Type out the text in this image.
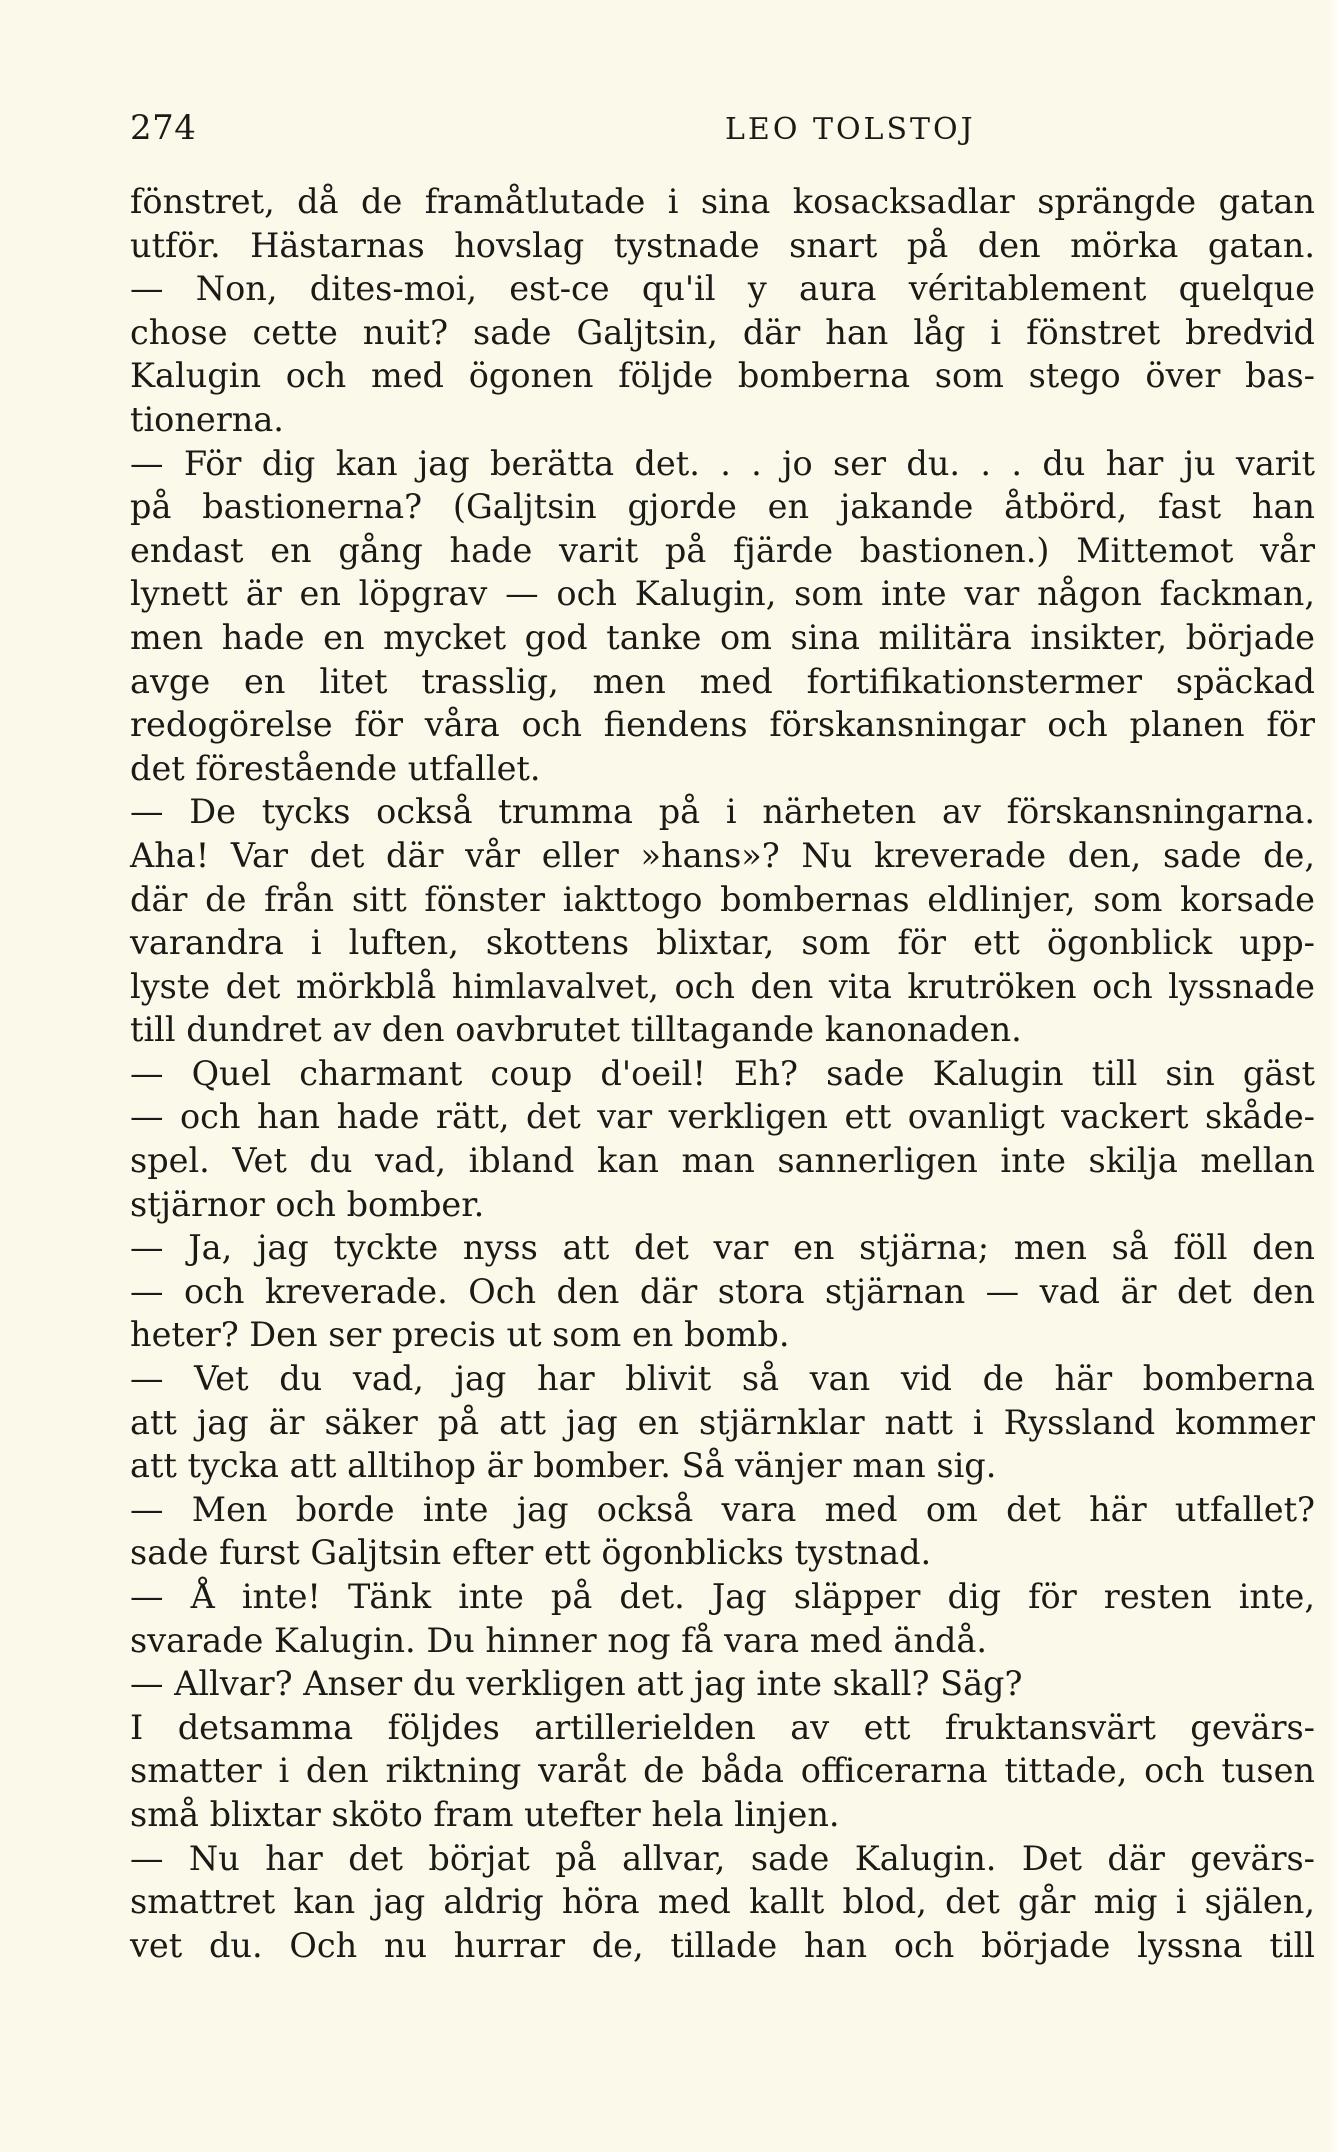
274	LEO TOLSTOJ
fönstret, då de framåtlutade i sina kosacksadlar sprängde gatan
utför. Hästarnas hovslag tystnade snart på den mörka gatan.
— Non, dites-moi, est-ce qu'il y aura véritablement quelque
chose cette nuit? sade Galjtsin, där han låg i fönstret bredvid
Kalugin och med ögonen följde bomberna som stego över bas-
tionerna.
— För dig kan jag berätta det. . . jo ser du. . . du har ju varit
på bastionerna? (Galjtsin gjorde en jakande åtbörd, fast han
endast en gång hade varit på fjärde bastionen.) Mittemot vår
lynett är en löpgrav — och Kalugin, som inte var någon fackman,
men hade en mycket god tanke om sina militära insikter, började
avge en litet trasslig, men med fortifikationstermer späckad
redogörelse för våra och fiendens förskansningar och planen för
det förestående utfallet.
— De tycks också trumma på i närheten av förskansningarna.
Aha! Var det där vår eller »hans»? Nu kreverade den, sade de,
där de från sitt fönster iakttogo bombernas eldlinjer, som korsade
varandra i luften, skottens blixtar, som för ett ögonblick upp-
lyste det mörkblå himlavalvet, och den vita krutröken och lyssnade
till dundret av den oavbrutet tilltagande kanonaden.
— Quel charmant coup d'oeil! Eh? sade Kalugin till sin gäst
— och han hade rätt, det var verkligen ett ovanligt vackert skåde-
spel. Vet du vad, ibland kan man sannerligen inte skilja mellan
stjärnor och bomber.
— Ja, jag tyckte nyss att det var en stjärna; men så föll den
— och kreverade. Och den där stora stjärnan — vad är det den
heter? Den ser precis ut som en bomb.
— Vet du vad, jag har blivit så van vid de här bomberna
att jag är säker på att jag en stjärnklar natt i Ryssland kommer
att tycka att alltihop är bomber. Så vänjer man sig.
— Men borde inte jag också vara med om det här utfallet?
sade furst Galjtsin efter ett ögonblicks tystnad.
— Å inte! Tänk inte på det. Jag släpper dig för resten inte,
svarade Kalugin. Du hinner nog få vara med ändå.
— Allvar? Anser du verkligen att jag inte skall? Säg?
I detsamma följdes artillerielden av ett fruktansvärt gevärs-
smatter i den riktning varåt de båda officerarna tittade, och tusen
små blixtar sköto fram utefter hela linjen.
— Nu har det börjat på allvar, sade Kalugin. Det där gevärs-
smattret kan jag aldrig höra med kallt blod, det går mig i själen,
vet du. Och nu hurrar de, tillade han och började lyssna till
